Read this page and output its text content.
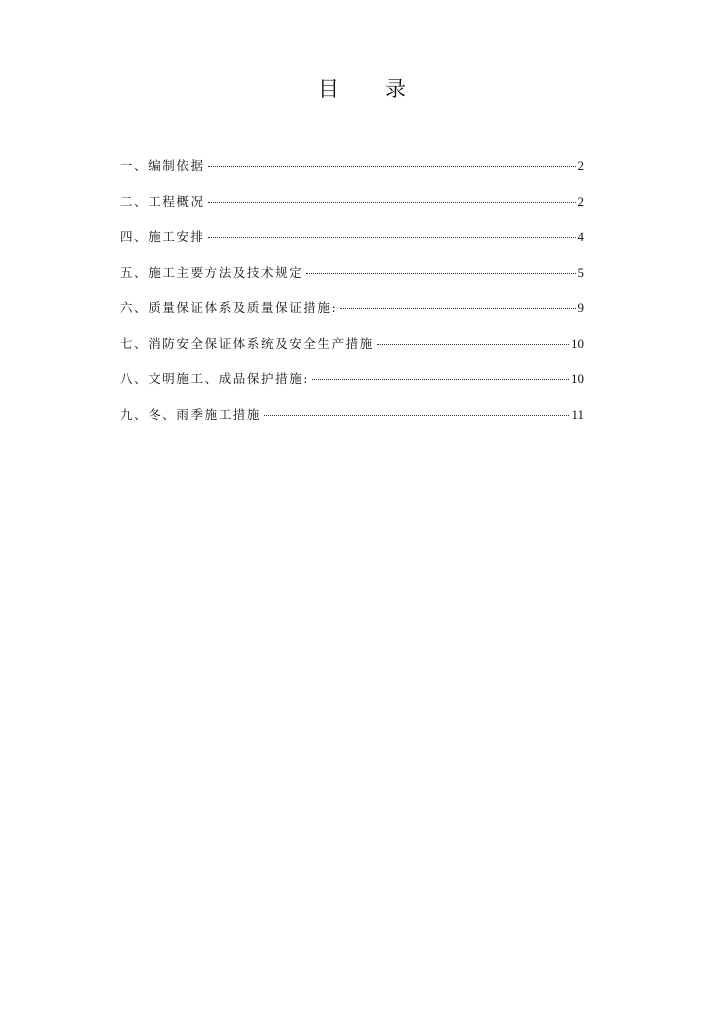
目 录
一、编制依据	2
二、工程概况	2
四、施工安排	4
五、施工主要方法及技术规定	5
六、质量保证体系及质量保证措施:	9
七、消防安全保证体系统及安全生产措施	10
八、文明施工、成品保护措施:	10
九、冬、雨季施工措施	11
